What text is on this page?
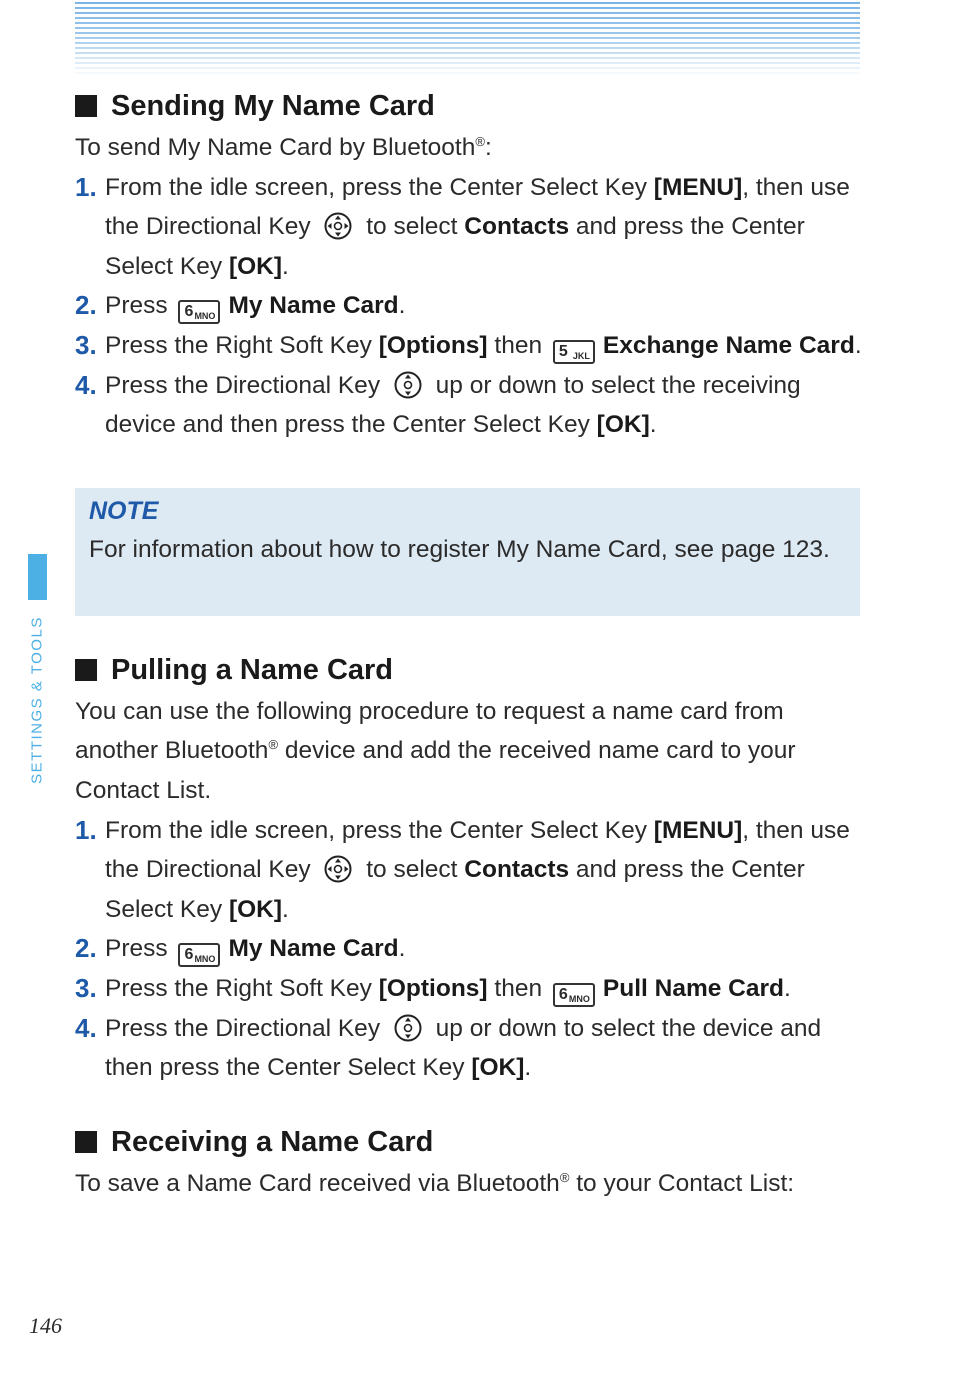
SETTINGS & TOOLS
Sending My Name Card
To send My Name Card by Bluetooth®:
1. From the idle screen, press the Center Select Key [MENU], then use the Directional Key  to select Contacts and press the Center Select Key [OK].
2. Press 6 MNO My Name Card.
3. Press the Right Soft Key [Options] then 5 JKL Exchange Name Card.
4. Press the Directional Key  up or down to select the receiving device and then press the Center Select Key [OK].
NOTE
For information about how to register My Name Card, see page 123.
Pulling a Name Card
You can use the following procedure to request a name card from another Bluetooth® device and add the received name card to your Contact List.
1. From the idle screen, press the Center Select Key [MENU], then use the Directional Key  to select Contacts and press the Center Select Key [OK].
2. Press 6 MNO My Name Card.
3. Press the Right Soft Key [Options] then 6 MNO Pull Name Card.
4. Press the Directional Key  up or down to select the device and then press the Center Select Key [OK].
Receiving a Name Card
To save a Name Card received via Bluetooth® to your Contact List:
146
